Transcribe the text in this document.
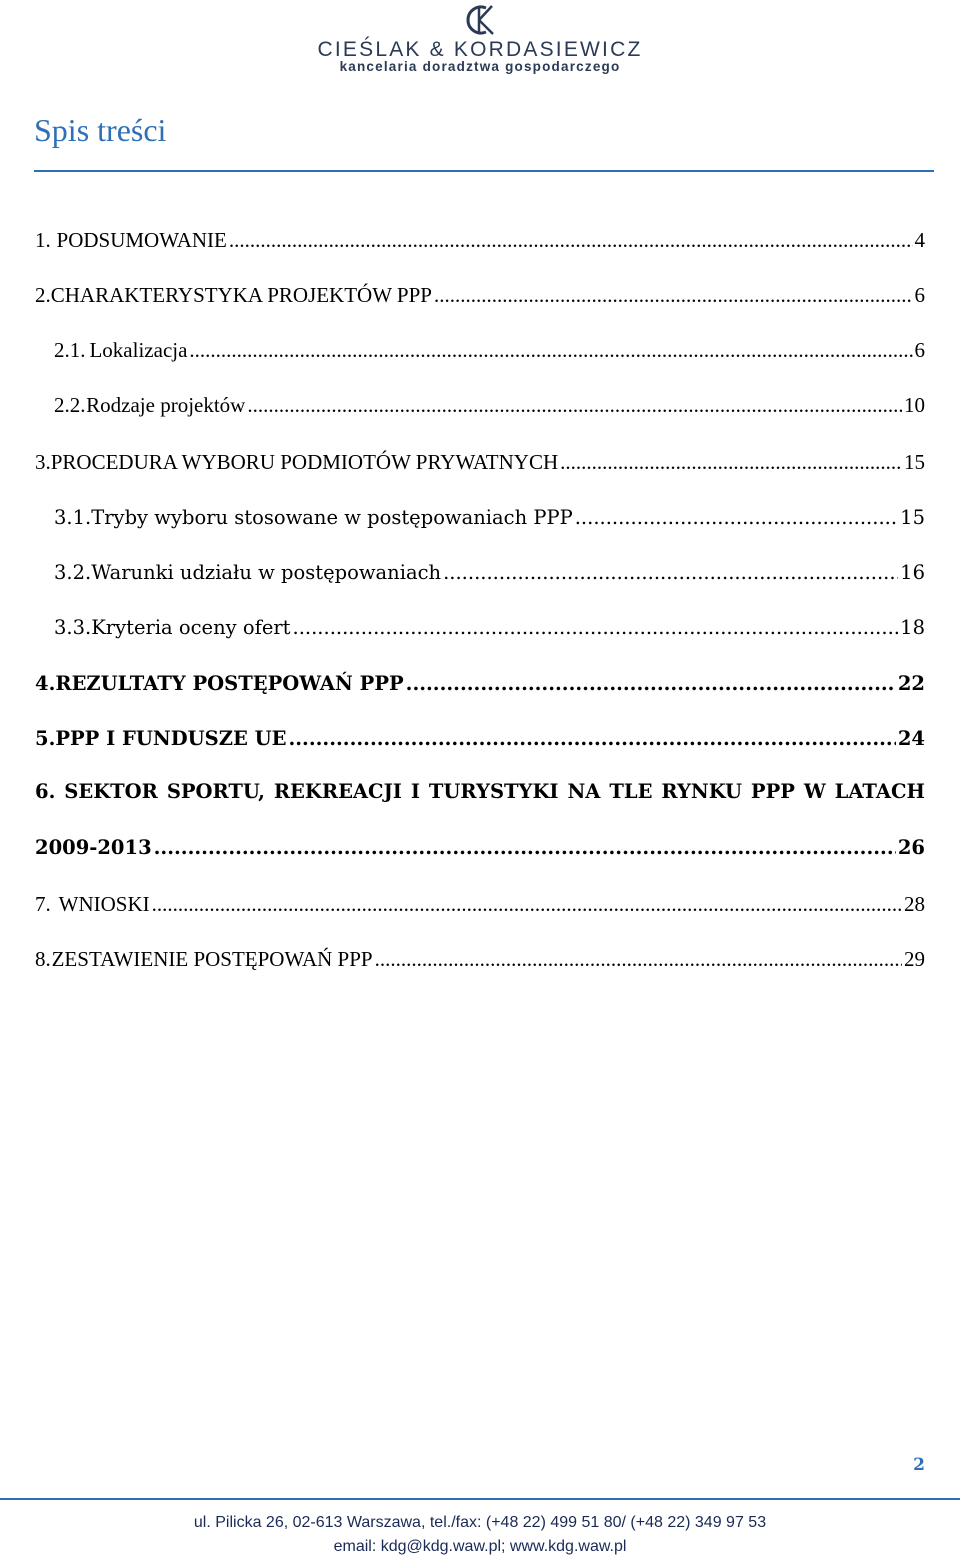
CIEŚLAK & KORDASIEWICZ
kancelaria doradztwa gospodarczego
Spis treści
1. PODSUMOWANIE .....	4
2. CHARAKTERYSTYKA PROJEKTÓW PPP .....	6
2.1. Lokalizacja .....	6
2.2. Rodzaje projektów .....	10
3. PROCEDURA WYBORU PODMIOTÓW PRYWATNYCH .....	15
3.1. Tryby wyboru stosowane w postępowaniach PPP .....	15
3.2. Warunki udziału w postępowaniach .....	16
3.3. Kryteria oceny ofert .....	18
4. REZULTATY POSTĘPOWAŃ PPP .....	22
5. PPP I FUNDUSZE UE .....	24
6. SEKTOR SPORTU, REKREACJI I TURYSTYKI NA TLE RYNKU PPP W LATACH
2009-2013 .....	26
7. WNIOSKI .....	28
8. ZESTAWIENIE POSTĘPOWAŃ PPP .....	29
2
ul. Pilicka 26, 02-613 Warszawa, tel./fax: (+48 22) 499 51 80/ (+48 22) 349 97 53
email: kdg@kdg.waw.pl; www.kdg.waw.pl
